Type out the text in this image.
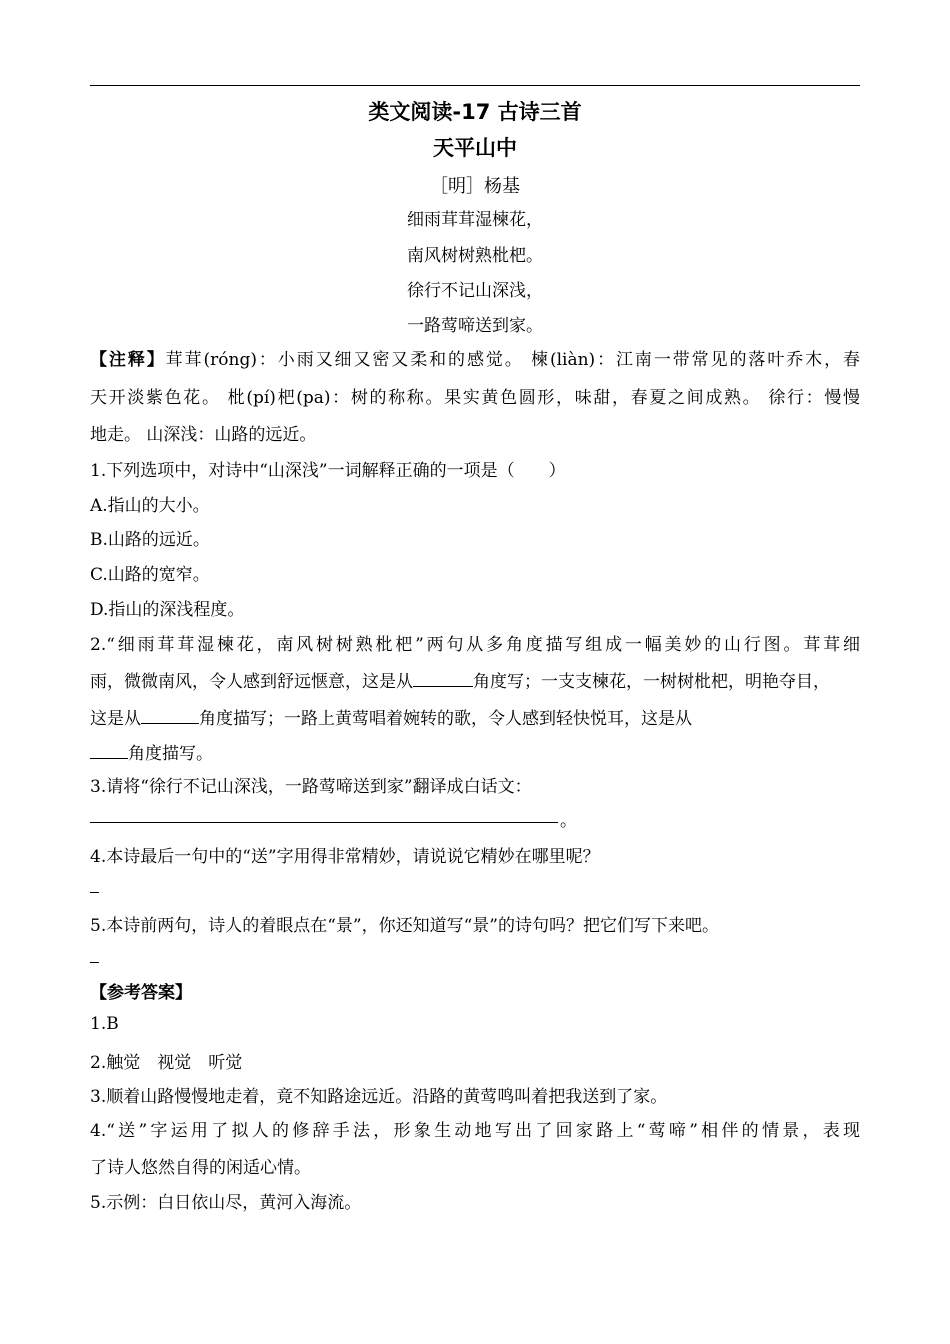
类文阅读-17 古诗三首
天平山中
［明］杨基
细雨茸茸湿楝花，
南风树树熟枇杷。
徐行不记山深浅，
一路莺啼送到家。
【注释】茸茸(róng)：小雨又细又密又柔和的感觉。 楝(liàn)：江南一带常见的落叶乔木，春
天开淡紫色花。 枇(pí)杷(pa)：树的称称。果实黄色圆形，味甜，春夏之间成熟。 徐行：慢慢
地走。 山深浅：山路的远近。
1.下列选项中，对诗中“山深浅”一词解释正确的一项是（　　）
A.指山的大小。
B.山路的远近。
C.山路的宽窄。
D.指山的深浅程度。
2.“细雨茸茸湿楝花，南风树树熟枇杷”两句从多角度描写组成一幅美妙的山行图。茸茸细
雨，微微南风，令人感到舒远惬意，这是从	角度写；一支支楝花，一树树枇杷，明艳夺目，
这是从	角度描写；一路上黄莺唱着婉转的歌，令人感到轻快悦耳，这是从
角度描写。
3.请将“徐行不记山深浅，一路莺啼送到家”翻译成白话文：
。
4.本诗最后一句中的“送”字用得非常精妙，请说说它精妙在哪里呢？
5.本诗前两句，诗人的着眼点在“景”，你还知道写“景”的诗句吗？把它们写下来吧。
【参考答案】
1.B
2.触觉　视觉　听觉
3.顺着山路慢慢地走着，竟不知路途远近。沿路的黄莺鸣叫着把我送到了家。
4.“送”字运用了拟人的修辞手法，形象生动地写出了回家路上“莺啼”相伴的情景，表现
了诗人悠然自得的闲适心情。
5.示例：白日依山尽，黄河入海流。
